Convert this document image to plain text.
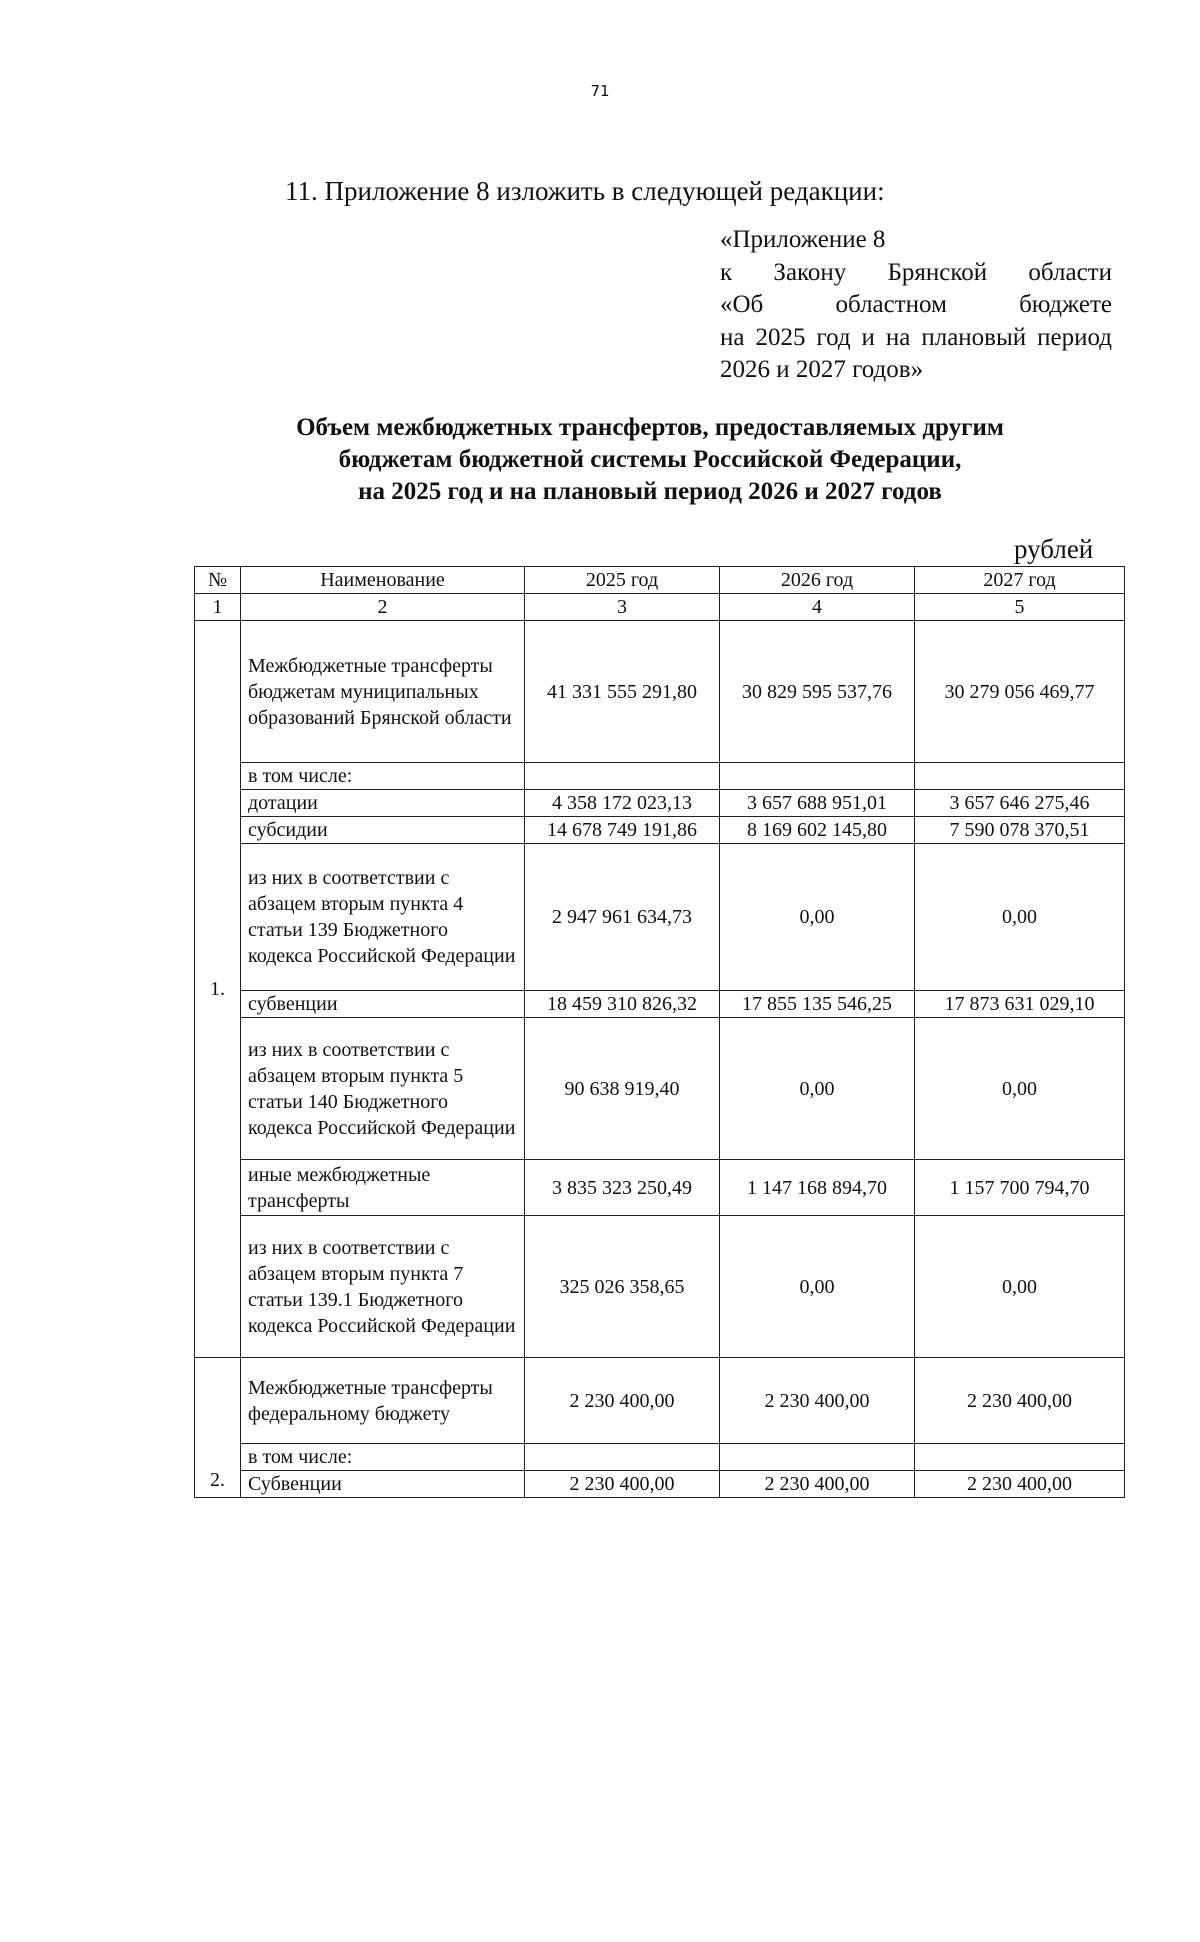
71
11. Приложение 8 изложить в следующей редакции:
«Приложение 8
к Закону Брянской области
«Об областном бюджете
на 2025 год и на плановый период
2026 и 2027 годов»
Объем межбюджетных трансфертов, предоставляемых другим
бюджетам бюджетной системы Российской Федерации,
на 2025 год и на плановый период 2026 и 2027 годов
рублей
№	Наименование	2025 год	2026 год	2027 год
1	2	3	4	5
1.	Межбюджетные трансферты бюджетам муниципальных образований Брянской области	41 331 555 291,80	30 829 595 537,76	30 279 056 469,77
	в том числе:			
	дотации	4 358 172 023,13	3 657 688 951,01	3 657 646 275,46
	субсидии	14 678 749 191,86	8 169 602 145,80	7 590 078 370,51
	из них в соответствии с абзацем вторым пункта 4 статьи 139 Бюджетного кодекса Российской Федерации	2 947 961 634,73	0,00	0,00
	субвенции	18 459 310 826,32	17 855 135 546,25	17 873 631 029,10
	из них в соответствии с абзацем вторым пункта 5 статьи 140 Бюджетного кодекса Российской Федерации	90 638 919,40	0,00	0,00
	иные межбюджетные трансферты	3 835 323 250,49	1 147 168 894,70	1 157 700 794,70
	из них в соответствии с абзацем вторым пункта 7 статьи 139.1 Бюджетного кодекса Российской Федерации	325 026 358,65	0,00	0,00
2.	Межбюджетные трансферты федеральному бюджету	2 230 400,00	2 230 400,00	2 230 400,00
	в том числе:			
	Субвенции	2 230 400,00	2 230 400,00	2 230 400,00
